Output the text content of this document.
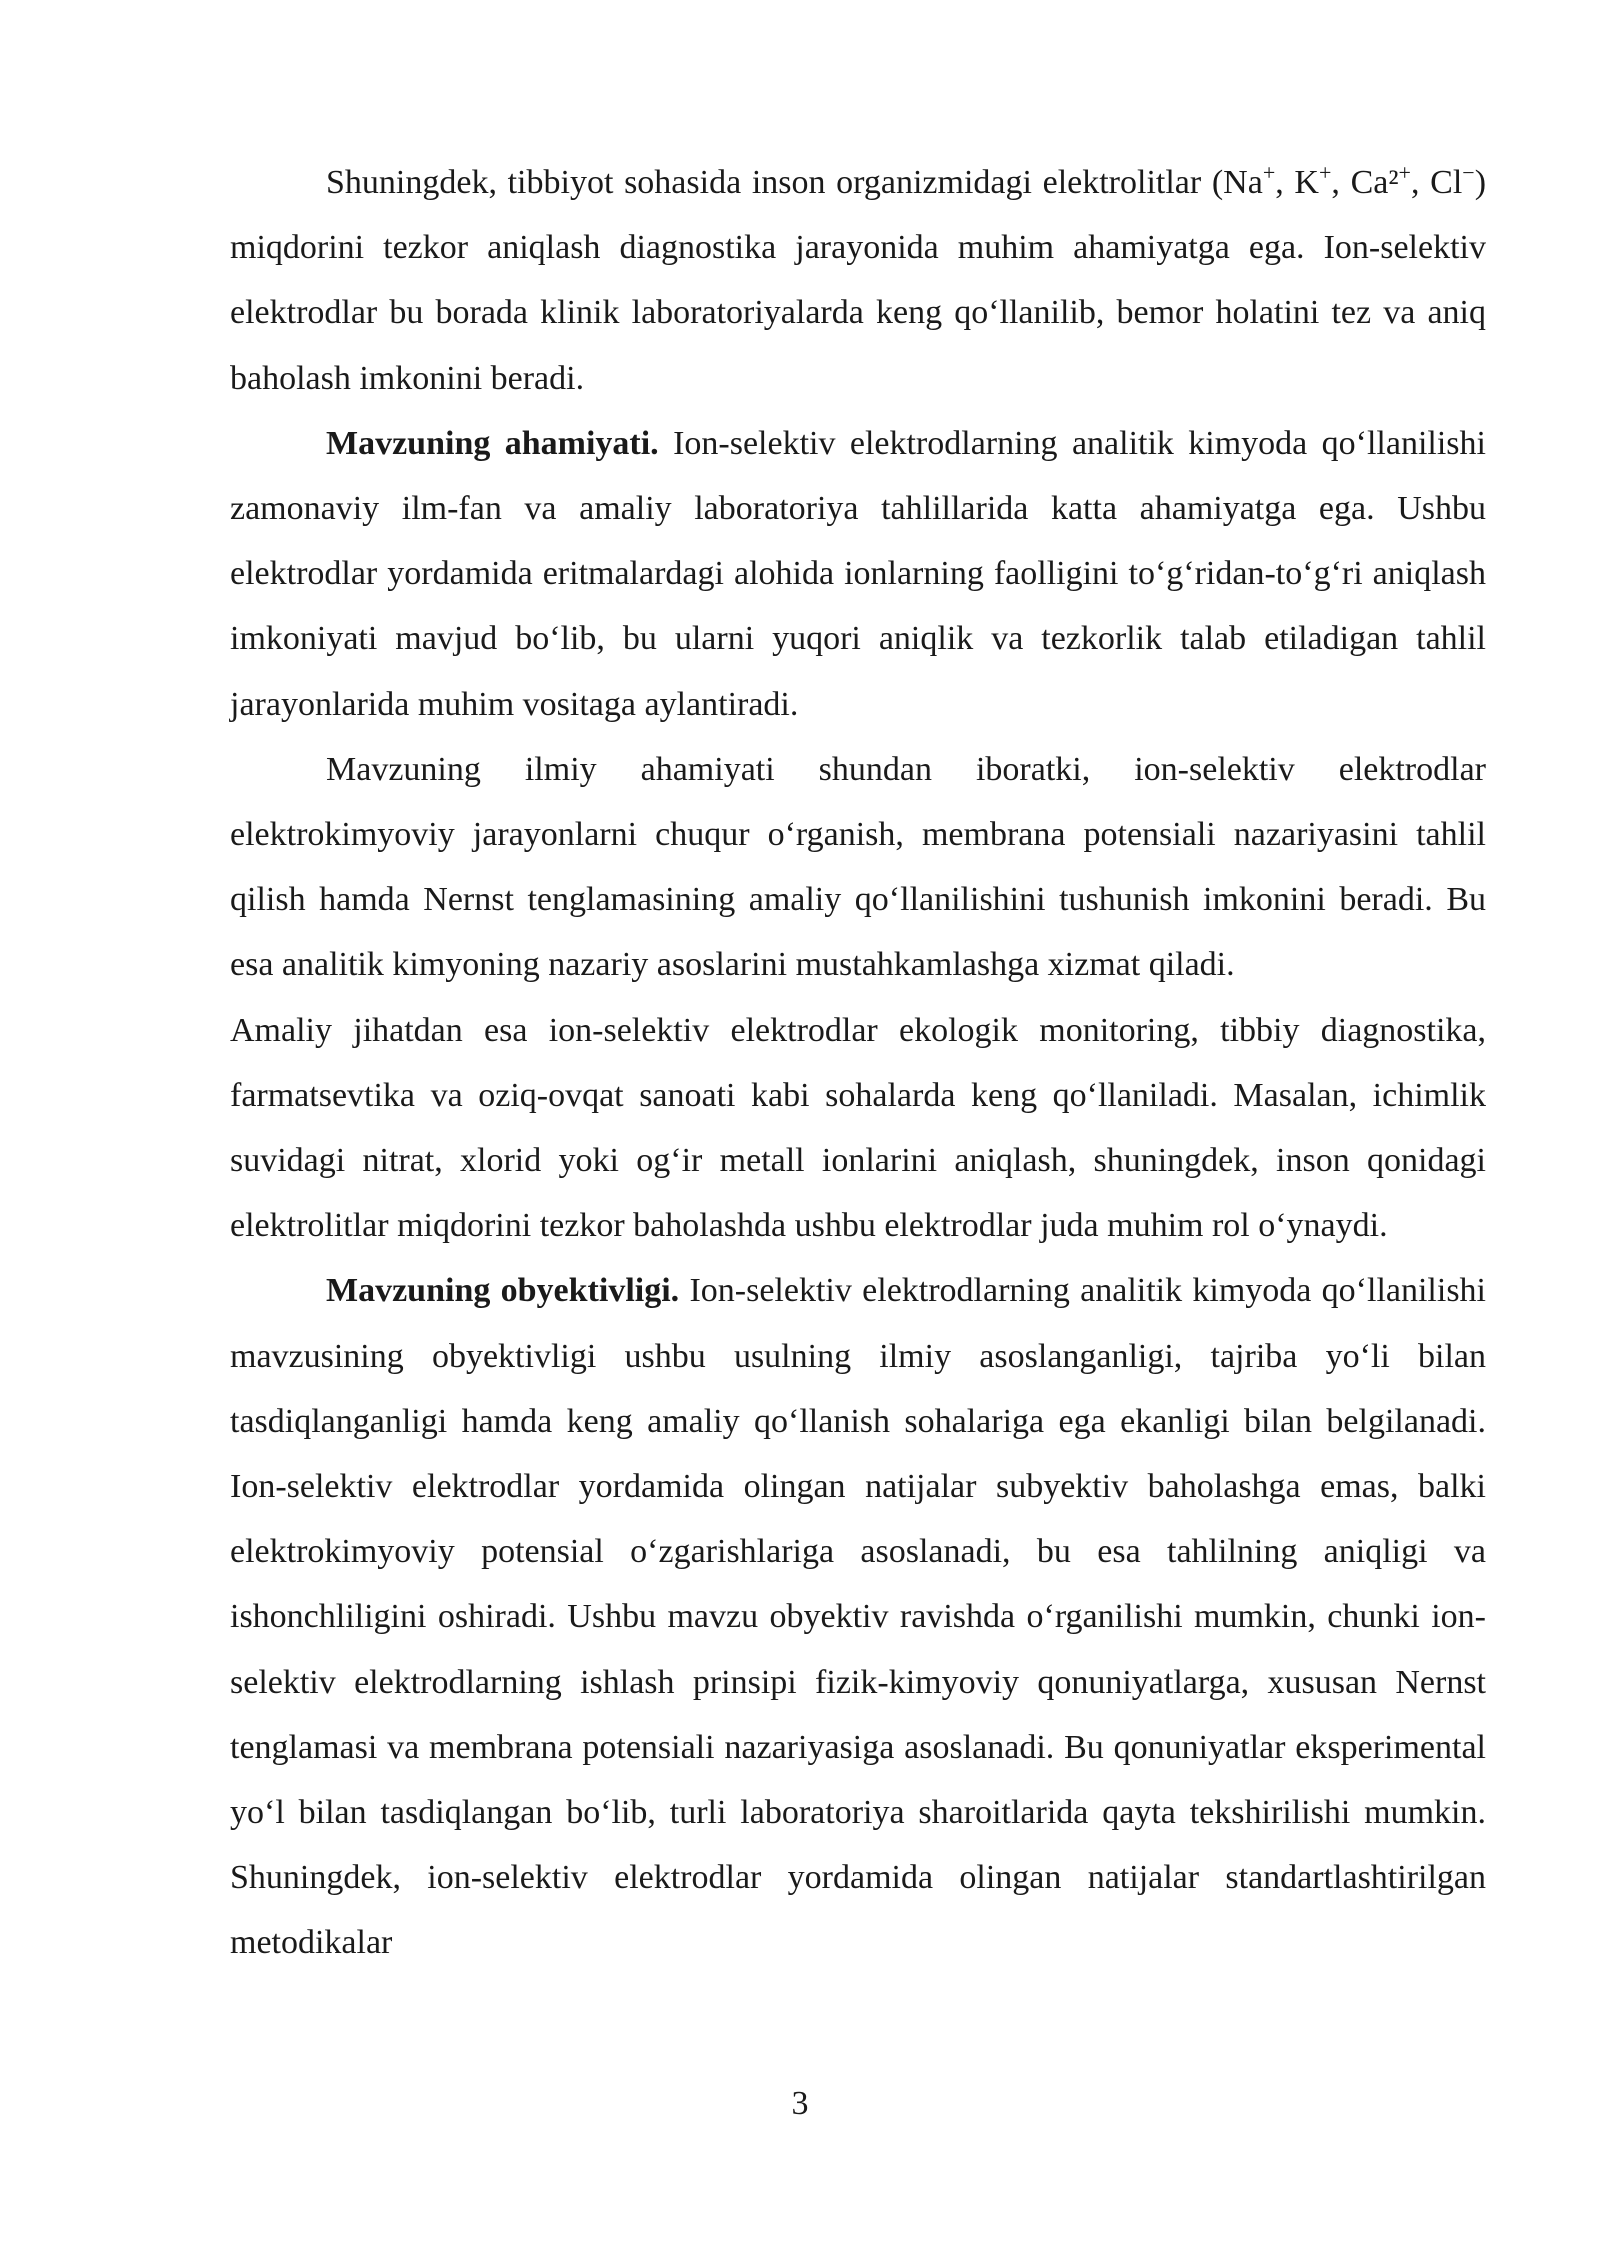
Shuningdek, tibbiyot sohasida inson organizmidagi elektrolitlar (Na+, K+, Ca²+, Cl−) miqdorini tezkor aniqlash diagnostika jarayonida muhim ahamiyatga ega. Ion-selektiv elektrodlar bu borada klinik laboratoriyalarda keng qoʻllanilib, bemor holatini tez va aniq baholash imkonini beradi.

Mavzuning ahamiyati. Ion-selektiv elektrodlarning analitik kimyoda qoʻllanilishi zamonaviy ilm-fan va amaliy laboratoriya tahlillarida katta ahamiyatga ega. Ushbu elektrodlar yordamida eritmalardagi alohida ionlarning faolligini toʻgʻridan-toʻgʻri aniqlash imkoniyati mavjud boʻlib, bu ularni yuqori aniqlik va tezkorlik talab etiladigan tahlil jarayonlarida muhim vositaga aylantiradi.

Mavzuning ilmiy ahamiyati shundan iboratki, ion-selektiv elektrodlar elektrokimyoviy jarayonlarni chuqur oʻrganish, membrana potensiali nazariyasini tahlil qilish hamda Nernst tenglamasining amaliy qoʻllanilishini tushunish imkonini beradi. Bu esa analitik kimyoning nazariy asoslarini mustahkamlashga xizmat qiladi.

Amaliy jihatdan esa ion-selektiv elektrodlar ekologik monitoring, tibbiy diagnostika, farmatsevtika va oziq-ovqat sanoati kabi sohalarda keng qoʻllaniladi. Masalan, ichimlik suvidagi nitrat, xlorid yoki ogʻir metall ionlarini aniqlash, shuningdek, inson qonidagi elektrolitlar miqdorini tezkor baholashda ushbu elektrodlar juda muhim rol oʻynaydi.

Mavzuning obyektivligi. Ion-selektiv elektrodlarning analitik kimyoda qoʻllanilishi mavzusining obyektivligi ushbu usulning ilmiy asoslanganligi, tajriba yoʻli bilan tasdiqlanganligi hamda keng amaliy qoʻllanish sohalariga ega ekanligi bilan belgilanadi. Ion-selektiv elektrodlar yordamida olingan natijalar subyektiv baholashga emas, balki elektrokimyoviy potensial oʻzgarishlariga asoslanadi, bu esa tahlilning aniqligi va ishonchliligini oshiradi. Ushbu mavzu obyektiv ravishda oʻrganilishi mumkin, chunki ion-selektiv elektrodlarning ishlash prinsipi fizik-kimyoviy qonuniyatlarga, xususan Nernst tenglamasi va membrana potensiali nazariyasiga asoslanadi. Bu qonuniyatlar eksperimental yoʻl bilan tasdiqlangan boʻlib, turli laboratoriya sharoitlarida qayta tekshirilishi mumkin. Shuningdek, ion-selektiv elektrodlar yordamida olingan natijalar standartlashtirilgan metodikalar

3
